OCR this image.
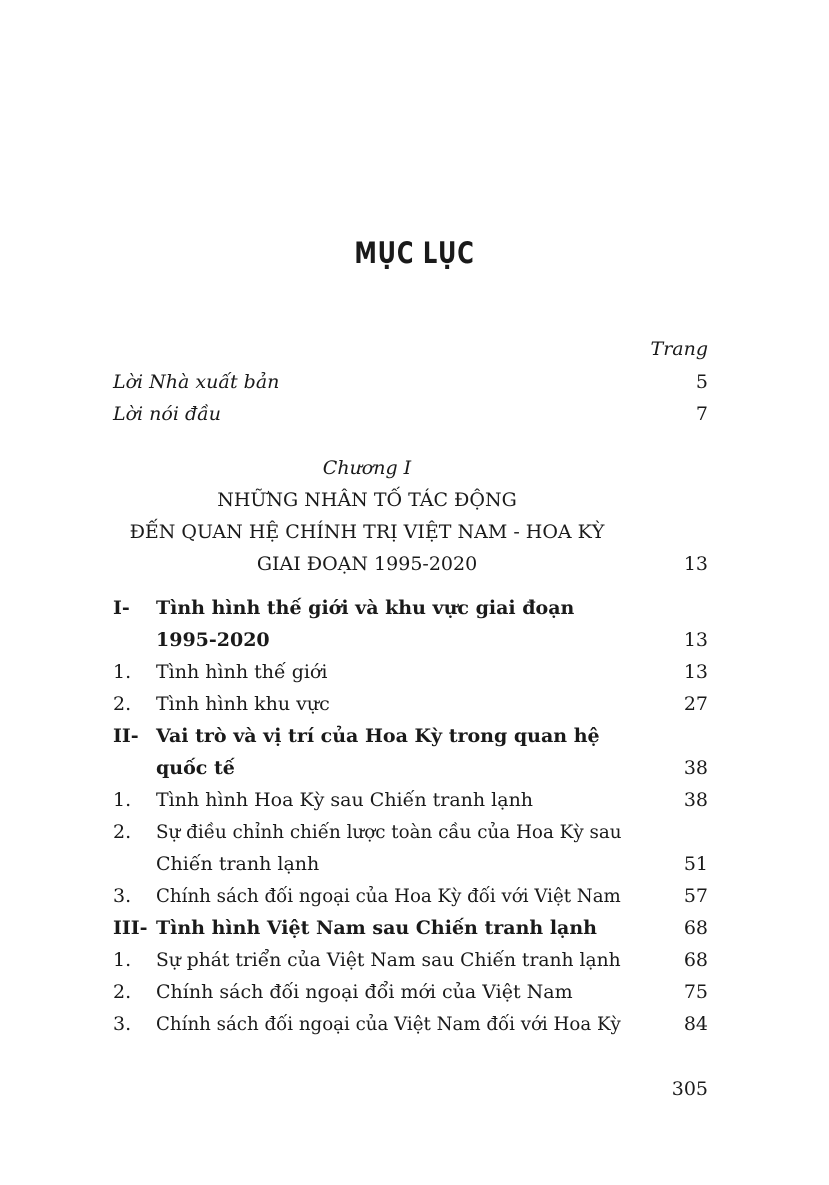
MỤC LỤC
Trang
Lời Nhà xuất bản	5
Lời nói đầu	7
Chương I
NHỮNG NHÂN TỐ TÁC ĐỘNG
ĐẾN QUAN HỆ CHÍNH TRỊ VIỆT NAM - HOA KỲ
GIAI ĐOẠN 1995-2020	13
I- Tình hình thế giới và khu vực giai đoạn
1995-2020	13
1. Tình hình thế giới	13
2. Tình hình khu vực	27
II- Vai trò và vị trí của Hoa Kỳ trong quan hệ
quốc tế	38
1. Tình hình Hoa Kỳ sau Chiến tranh lạnh	38
2. Sự điều chỉnh chiến lược toàn cầu của Hoa Kỳ sau
Chiến tranh lạnh	51
3. Chính sách đối ngoại của Hoa Kỳ đối với Việt Nam	57
III- Tình hình Việt Nam sau Chiến tranh lạnh	68
1. Sự phát triển của Việt Nam sau Chiến tranh lạnh	68
2. Chính sách đối ngoại đổi mới của Việt Nam	75
3. Chính sách đối ngoại của Việt Nam đối với Hoa Kỳ	84
305
